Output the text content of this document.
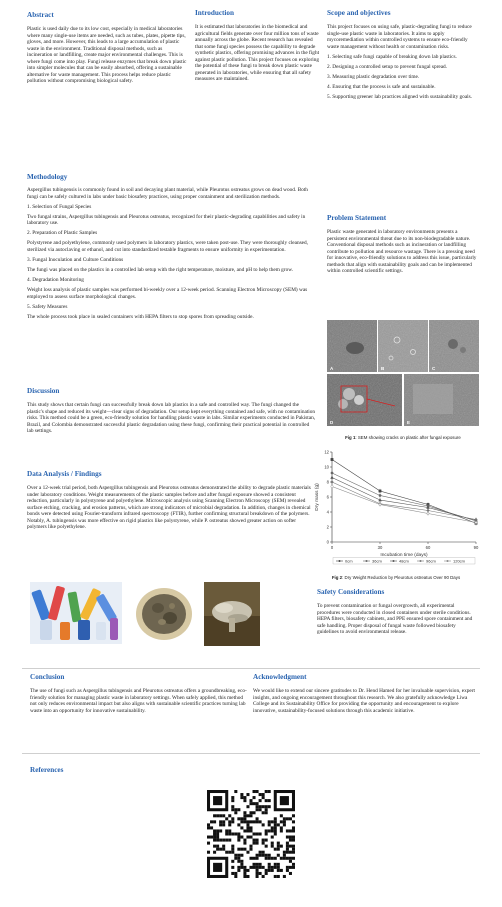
Abstract
Plastic is used daily due to its low cost, especially in medical laboratories where many single-use items are needed, such as tubes, plates, pipette tips, gloves, and more. However, this leads to a large accumulation of plastic waste in the environment. Traditional disposal methods, such as incineration or landfilling, create major environmental challenges. This is where fungi come into play. Fungi release enzymes that break down plastic into simpler molecules that can be easily absorbed, offering a sustainable alternative for waste management. This process helps reduce plastic pollution without compromising biological safety.
Introduction
It is estimated that laboratories in the biomedical and agricultural fields generate over four million tons of waste annually across the globe. Recent research has revealed that some fungi species possess the capability to degrade synthetic plastics, offering promising advances in the fight against plastic pollution. This project focuses on exploring the potential of these fungi to break down plastic waste generated in laboratories, while ensuring that all safety measures are maintained.
Scope and objectives
This project focuses on using safe, plastic-degrading fungi to reduce single-use plastic waste in laboratories. It aims to apply mycoremediation within controlled systems to ensure eco-friendly waste management without health or contamination risks.
1. Selecting safe fungi capable of breaking down lab plastics.
2. Designing a controlled setup to prevent fungal spread.
3. Measuring plastic degradation over time.
4. Ensuring that the process is safe and sustainable.
5. Supporting greener lab practices aligned with sustainability goals.
Problem Statement
Plastic waste generated in laboratory environments presents a persistent environmental threat due to its non-biodegradable nature. Conventional disposal methods such as incineration or landfilling contribute to pollution and resource wastage. There is a pressing need for innovative, eco-friendly solutions to address this issue, particularly methods that align with sustainability goals and can be implemented within controlled scientific settings.
Methodology
Aspergillus tubingensis is commonly found in soil and decaying plant material, while Pleurotus ostreatus grows on dead wood. Both fungi can be safely cultured in labs under basic biosafety practices, using proper containment and sterilization methods.
1. Selection of Fungal Species
Two fungal strains, Aspergillus tubingensis and Pleurotus ostreatus, recognized for their plastic-degrading capabilities and safety in laboratory use.
2. Preparation of Plastic Samples
Polystyrene and polyethylene, commonly used polymers in laboratory plastics, were taken post-use. They were thoroughly cleansed, sterilized via autoclaving or ethanol, and cut into standardized testable fragments to ensure uniformity in experimentation.
3. Fungal Inoculation and Culture Conditions
The fungi was placed on the plastics in a controlled lab setup with the right temperature, moisture, and pH to help them grow.
4. Degradation Monitoring
Weight loss analysis of plastic samples was performed bi-weekly over a 12-week period. Scanning Electron Microscopy (SEM) was employed to assess surface morphological changes.
5. Safety Measures
The whole process took place in sealed containers with HEPA filters to stop spores from spreading outside.
Discussion
This study shows that certain fungi can successfully break down lab plastics in a safe and controlled way. The fungi changed the plastic's shape and reduced its weight—clear signs of degradation. Our setup kept everything contained and safe, with no contamination risks. This method could be a green, eco-friendly solution for handling plastic waste in labs. Similar experiments conducted in Pakistan, Brazil, and Colombia demonstrated successful plastic degradation using these fungi, confirming their practical potential in controlled lab settings.
Data Analysis / Findings
Over a 12-week trial period, both Aspergillus tubingensis and Pleurotus ostreatus demonstrated the ability to degrade plastic materials under laboratory conditions. Weight measurements of the plastic samples before and after fungal exposure showed a consistent reduction, particularly in polystyrene and polyethylene. Microscopic analysis using Scanning Electron Microscopy (SEM) revealed surface etching, cracking, and erosion patterns, which are strong indicators of microbial degradation. In addition, changes in chemical bonds were detected using Fourier-transform infrared spectroscopy (FTIR), further confirming structural breakdown of the polymers. Notably, A. tubingensis was more effective on rigid plastics like polystyrene, while P. ostreatus showed greater action on softer polymers like polyethylene.
A	B	C
D	E
Fig 1: SEM showing cracks on plastic after fungal exposure
0
2
4
6
8
10
12
0	30	60	90
Incubation time (days)
Dry mass (g)
0cm	36cm	48cm	96cm	120cm
Fig 2: Dry Weight Reduction by Pleurotus ostreatus Over 90 Days
Safety Considerations
To prevent contamination or fungal overgrowth, all experimental procedures were conducted in closed containers under sterile conditions. HEPA filters, biosafety cabinets, and PPE ensured spore containment and safe handling. Proper disposal of fungal waste followed biosafety guidelines to avoid environmental release.
Conclusion
The use of fungi such as Aspergillus tubingensis and Pleurotus ostreatus offers a groundbreaking, eco-friendly solution for managing plastic waste in laboratory settings. When safely applied, this method not only reduces environmental impact but also aligns with sustainable scientific practices turning lab waste into an opportunity for innovative sustainability.
Acknowledgment
We would like to extend our sincere gratitudes to Dr. Hend Hamed for her invaluable supervision, expert insights, and ongoing encouragement throughout this research. We also gratefully acknowledge Liwa College and its Sustainability Office for providing the opportunity and encouragement to explore innovative, sustainability-focused solutions through this academic initiative.
References
